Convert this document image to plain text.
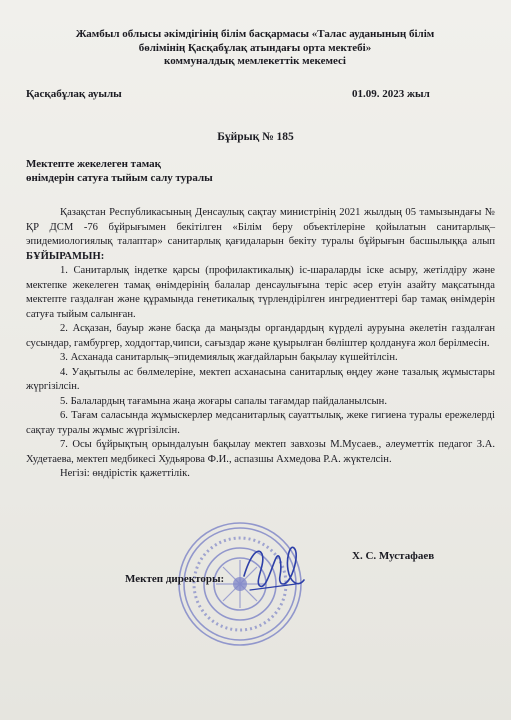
Жамбыл облысы әкімдігінің білім басқармасы «Талас ауданының білім
бөлімінің Қасқабұлақ атындағы орта мектебі»
коммуналдық мемлекеттік мекемесі
Қасқабұлақ ауылы	01.09. 2023 жыл
Бұйрық № 185
Мектепте жекелеген тамақ
өнімдерін сатуға тыйым салу туралы

Қазақстан Республикасының Денсаулық сақтау министрінің 2021 жылдың 05 тамызындағы № ҚР ДСМ -76 бұйрығымен бекітілген «Білім беру объектілеріне қойылатын санитарлық–эпидемиологиялық талаптар» санитарлық қағидаларын бекіту туралы бұйрығын басшылыққа алып БҰЙЫРАМЫН:

1. Санитарлық індетке қарсы (профилактикалық) іс-шараларды іске асыру, жетілдіру және мектепке жекелеген тамақ өнімдерінің балалар денсаулығына теріс әсер етуін азайту мақсатында мектепте газдалған және құрамында генетикалық түрлендірілген ингредиенттері бар тамақ өнімдерін сатуға тыйым салынған.

2. Асқазан, бауыр және басқа да маңызды органдардың күрделі ауруына әкелетін газдалған сусындар, гамбургер, ходдогтар,чипси, сағыздар және қуырылған бөліштер қолдануға жол берілмесін.

3. Асханада санитарлық–эпидемиялық жағдайларын бақылау күшейтілсін.

4. Уақытылы ас бөлмелеріне, мектеп асханасына санитарлық өңдеу және тазалық жұмыстары жүргізілсін.

5. Балалардың тағамына жаңа жоғары сапалы тағамдар пайдаланылсын.

6. Тағам саласында жұмыскерлер медсанитарлық сауаттылық, жеке гигиена туралы ережелерді сақтау туралы жұмыс жүргізілсін.

7. Осы бұйрықтың орындалуын бақылау мектеп завхозы М.Мусаев., әлеуметтік педагог З.А. Худетаева, мектеп медбикесі Худьярова Ф.И., аспазшы Ахмедова Р.А. жүктелсін.

Негізі: өндірістік қажеттілік.

Мектеп директоры:
Х. С. Мустафаев
